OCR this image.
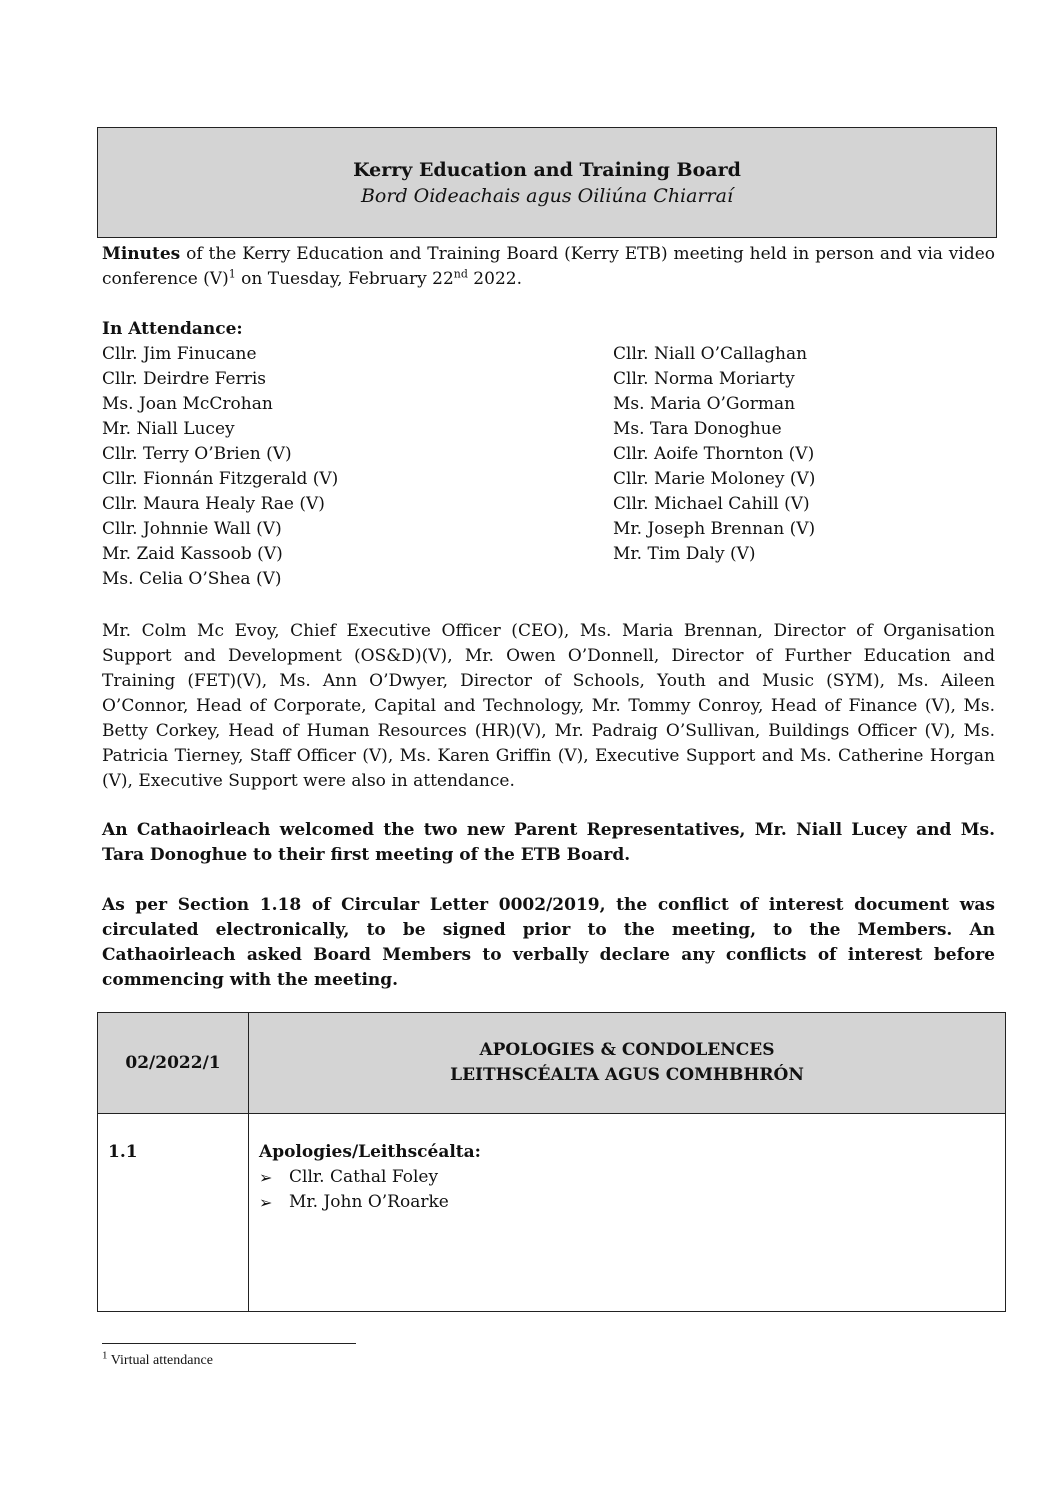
Kerry Education and Training Board
Bord Oideachais agus Oiliúna Chiarraí
Minutes of the Kerry Education and Training Board (Kerry ETB) meeting held in person and via video conference $(V)^1$ on Tuesday, February 22nd 2022.
In Attendance:
Cllr. Jim Finucane
Cllr. Deirdre Ferris
Ms. Joan McCrohan
Mr. Niall Lucey
Cllr. Terry O’Brien (V)
Cllr. Fionnán Fitzgerald (V)
Cllr. Maura Healy Rae (V)
Cllr. Johnnie Wall (V)
Mr. Zaid Kassoob (V)
Ms. Celia O’Shea (V)
Cllr. Niall O’Callaghan
Cllr. Norma Moriarty
Ms. Maria O’Gorman
Ms. Tara Donoghue
Cllr. Aoife Thornton (V)
Cllr. Marie Moloney (V)
Cllr. Michael Cahill (V)
Mr. Joseph Brennan (V)
Mr. Tim Daly (V)
Mr. Colm Mc Evoy, Chief Executive Officer (CEO), Ms. Maria Brennan, Director of Organisation Support and Development (OS&D)(V), Mr. Owen O’Donnell, Director of Further Education and Training (FET)(V), Ms. Ann O’Dwyer, Director of Schools, Youth and Music (SYM), Ms. Aileen O’Connor, Head of Corporate, Capital and Technology, Mr. Tommy Conroy, Head of Finance (V), Ms. Betty Corkey, Head of Human Resources (HR)(V), Mr. Padraig O’Sullivan, Buildings Officer (V), Ms. Patricia Tierney, Staff Officer (V), Ms. Karen Griffin (V), Executive Support and Ms. Catherine Horgan (V), Executive Support were also in attendance.
An Cathaoirleach welcomed the two new Parent Representatives, Mr. Niall Lucey and Ms. Tara Donoghue to their first meeting of the ETB Board.
As per Section 1.18 of Circular Letter 0002/2019, the conflict of interest document was circulated electronically, to be signed prior to the meeting, to the Members. An Cathaoirleach asked Board Members to verbally declare any conflicts of interest before commencing with the meeting.
02/2022/1	APOLOGIES & CONDOLENCES
LEITHSCÉALTA AGUS COMHBHRÓN

1.1	Apologies/Leithscéalta:
➢ Cllr. Cathal Foley
➢ Mr. John O’Roarke
$^1$ Virtual attendance
